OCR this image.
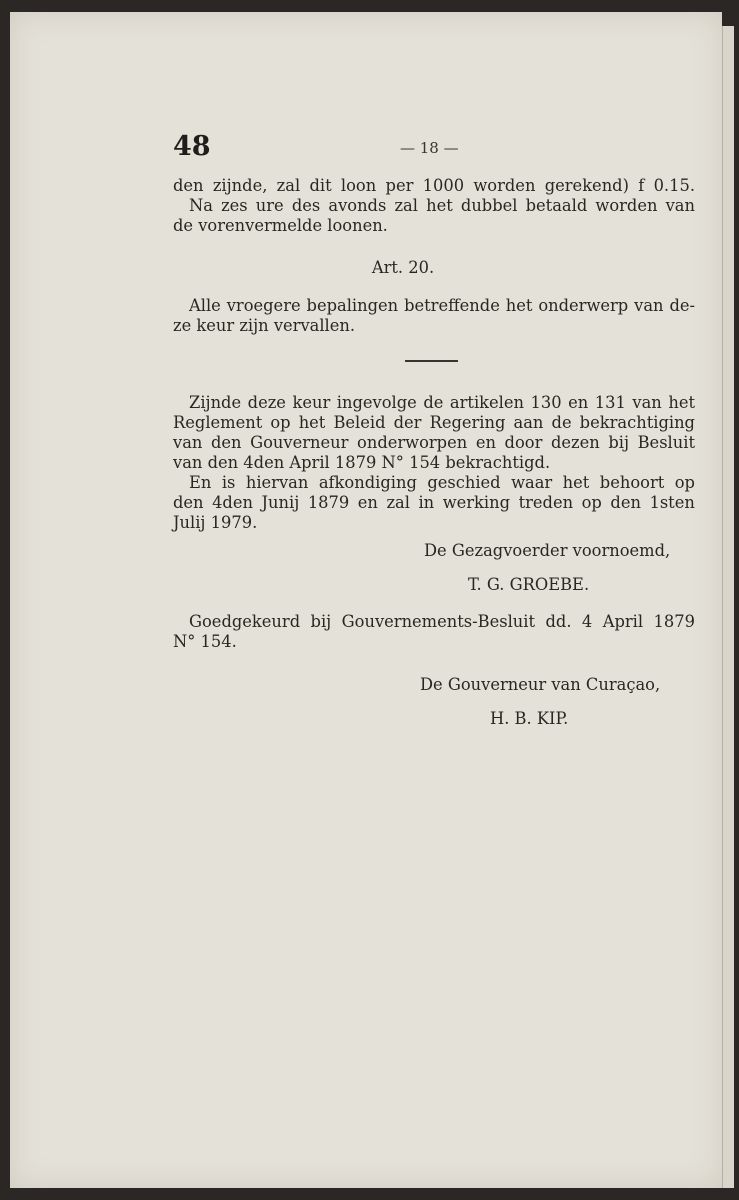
48	— 18 —
den zijnde, zal dit loon per 1000 worden gerekend) f 0.15.
Na zes ure des avonds zal het dubbel betaald worden van
de vorenvermelde loonen.
Art. 20.
Alle vroegere bepalingen betreffende het onderwerp van de-
ze keur zijn vervallen.
Zijnde deze keur ingevolge de artikelen 130 en 131 van het
Reglement op het Beleid der Regering aan de bekrachtiging
van den Gouverneur onderworpen en door dezen bij Besluit
van den 4den April 1879 N° 154 bekrachtigd.
En is hiervan afkondiging geschied waar het behoort op
den 4den Junij 1879 en zal in werking treden op den 1sten
Julij 1979.
De Gezagvoerder voornoemd,
T. G. GROEBE.
Goedgekeurd bij Gouvernements-Besluit dd. 4 April 1879
N° 154.
De Gouverneur van Curaçao,
H. B. KIP.
